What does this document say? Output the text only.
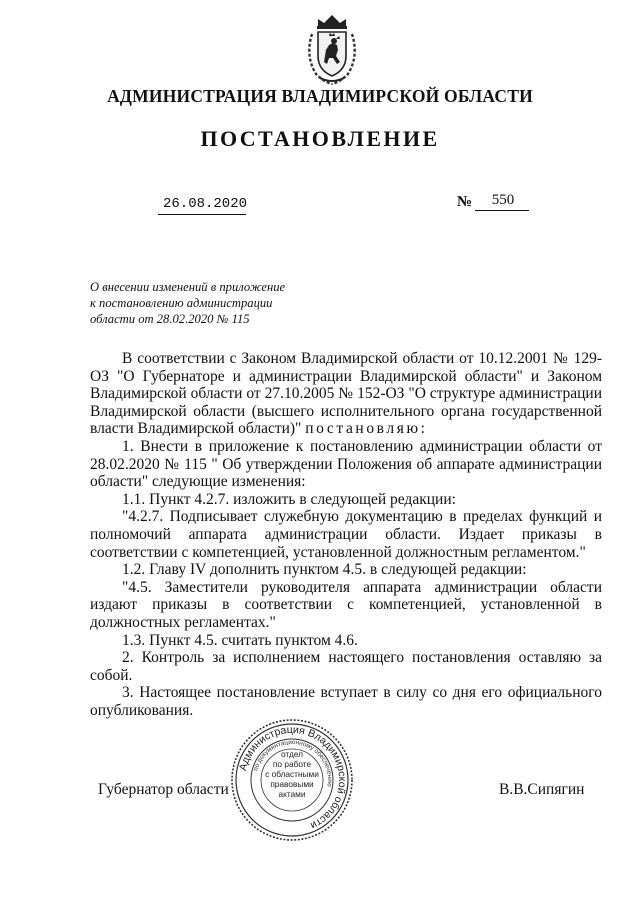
АДМИНИСТРАЦИЯ ВЛАДИМИРСКОЙ ОБЛАСТИ
ПОСТАНОВЛЕНИЕ
26.08.2020	№	550
О внесении изменений в приложение
к постановлению администрации
области от 28.02.2020 № 115
В соответствии с Законом Владимирской области от 10.12.2001 № 129-
ОЗ "О Губернаторе и администрации Владимирской области" и Законом
Владимирской области от 27.10.2005 № 152-ОЗ "О структуре администрации
Владимирской области (высшего исполнительного органа государственной
власти Владимирской области)" постановляю:
1. Внести в приложение к постановлению администрации области от
28.02.2020 № 115 " Об утверждении Положения об аппарате администрации
области" следующие изменения:
1.1. Пункт 4.2.7. изложить в следующей редакции:
"4.2.7. Подписывает служебную документацию в пределах функций и
полномочий аппарата администрации области. Издает приказы в
соответствии с компетенцией, установленной должностным регламентом."
1.2. Главу IV дополнить пунктом 4.5. в следующей редакции:
"4.5. Заместители руководителя аппарата администрации области
издают приказы в соответствии с компетенцией, установленной в
должностных регламентах."
1.3. Пункт 4.5. считать пунктом 4.6.
2. Контроль за исполнением настоящего постановления оставляю за
собой.
3. Настоящее постановление вступает в силу со дня его официального
опубликования.
Губернатор области
Администрация Владимирской области
по документационному обеспечению
отдел
по работе
с областными
правовыми
актами	В.В.Сипягин
